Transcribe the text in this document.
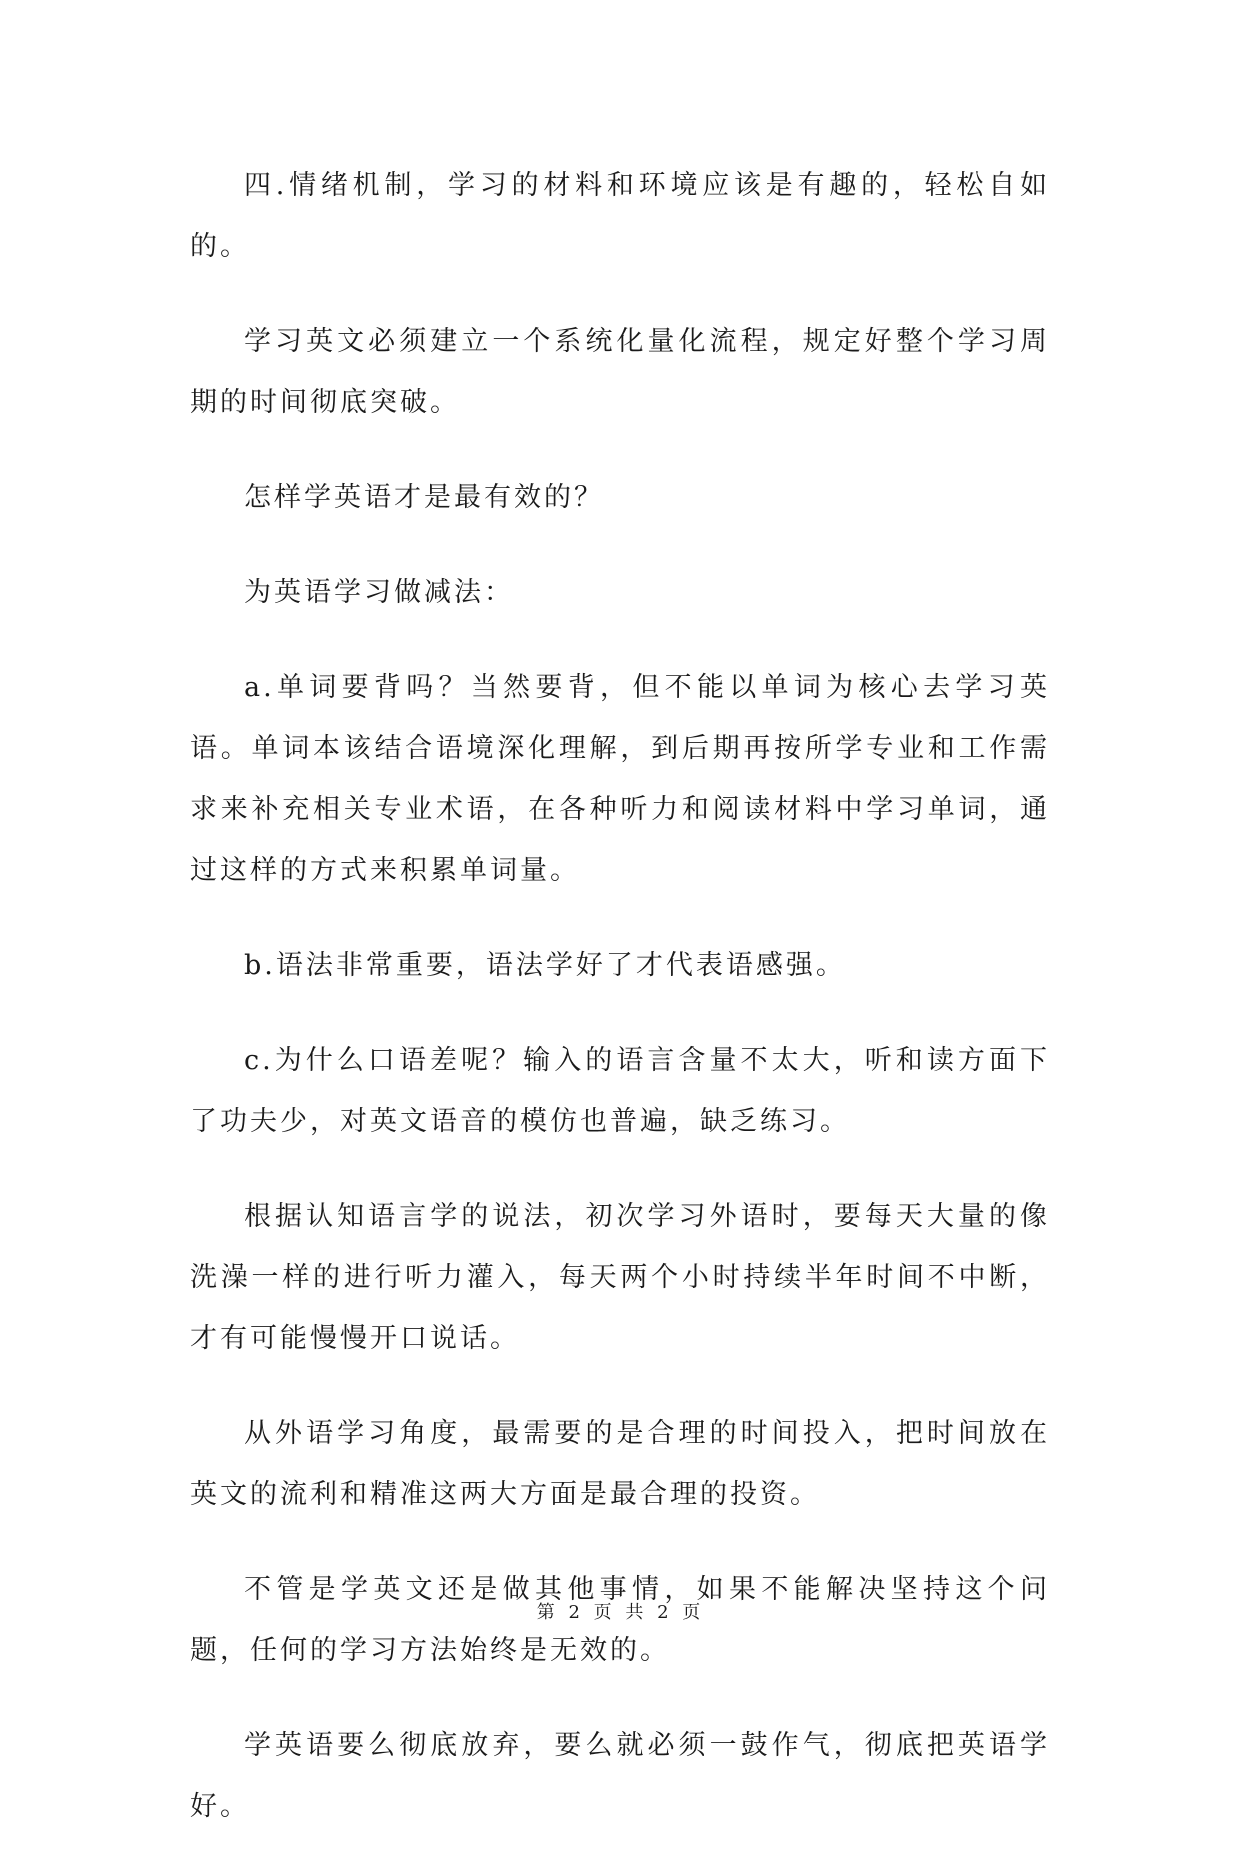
四.情绪机制，学习的材料和环境应该是有趣的，轻松自如的。

学习英文必须建立一个系统化量化流程，规定好整个学习周期的时间彻底突破。

怎样学英语才是最有效的？

为英语学习做减法：

a.单词要背吗？当然要背，但不能以单词为核心去学习英语。单词本该结合语境深化理解，到后期再按所学专业和工作需求来补充相关专业术语，在各种听力和阅读材料中学习单词，通过这样的方式来积累单词量。

b.语法非常重要，语法学好了才代表语感强。

c.为什么口语差呢？输入的语言含量不太大，听和读方面下了功夫少，对英文语音的模仿也普遍，缺乏练习。

根据认知语言学的说法，初次学习外语时，要每天大量的像洗澡一样的进行听力灌入，每天两个小时持续半年时间不中断，才有可能慢慢开口说话。

从外语学习角度，最需要的是合理的时间投入，把时间放在英文的流利和精准这两大方面是最合理的投资。

不管是学英文还是做其他事情，如果不能解决坚持这个问题，任何的学习方法始终是无效的。

学英语要么彻底放弃，要么就必须一鼓作气，彻底把英语学好。

第 2 页 共 2 页
